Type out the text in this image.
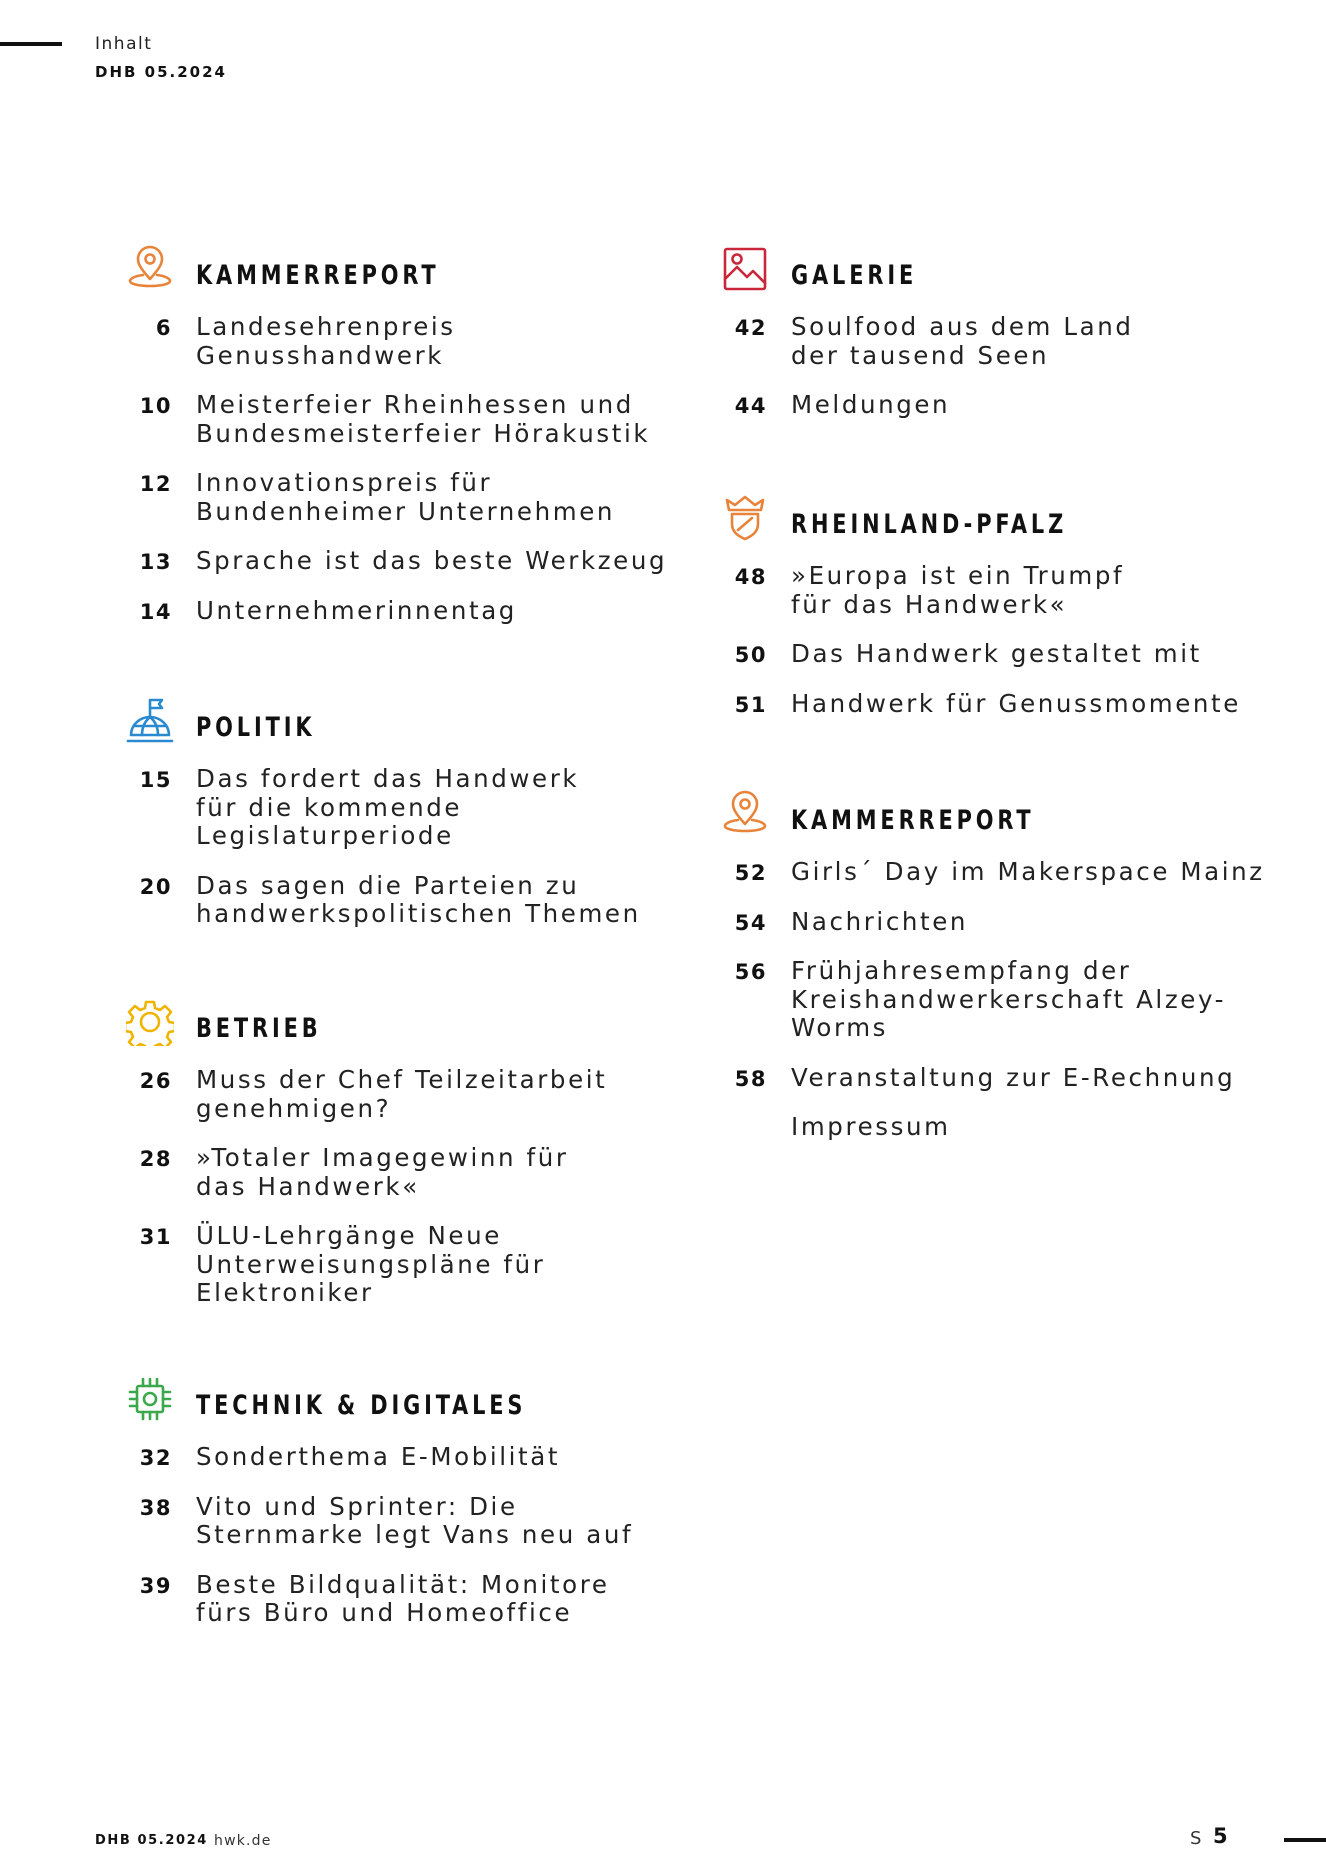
Inhalt
DHB 05.2024
KAMMERREPORT
6 Landesehrenpreis
Genusshandwerk
10 Meisterfeier Rheinhessen und
Bundesmeisterfeier Hörakustik
12 Innovationspreis für
Bundenheimer Unternehmen
13 Sprache ist das beste Werkzeug
14 Unternehmerinnentag
POLITIK
15 Das fordert das Handwerk
für die kommende
Legislaturperiode
20 Das sagen die Parteien zu
handwerkspolitischen Themen
BETRIEB
26 Muss der Chef Teilzeitarbeit
genehmigen?
28 »Totaler Imagegewinn für
das Handwerk«
31 ÜLU-Lehrgänge Neue
Unterweisungspläne für
Elektroniker
TECHNIK & DIGITALES
32 Sonderthema E-Mobilität
38 Vito und Sprinter: Die
Sternmarke legt Vans neu auf
39 Beste Bildqualität: Monitore
fürs Büro und Homeoffice
GALERIE
42 Soulfood aus dem Land
der tausend Seen
44 Meldungen
RHEINLAND-PFALZ
48 »Europa ist ein Trumpf
für das Handwerk«
50 Das Handwerk gestaltet mit
51 Handwerk für Genussmomente
KAMMERREPORT
52 Girls´ Day im Makerspace Mainz
54 Nachrichten
56 Frühjahresempfang der
Kreishandwerkerschaft Alzey-
Worms
58 Veranstaltung zur E-Rechnung
Impressum
DHB 05.2024 hwk.de	S 5
